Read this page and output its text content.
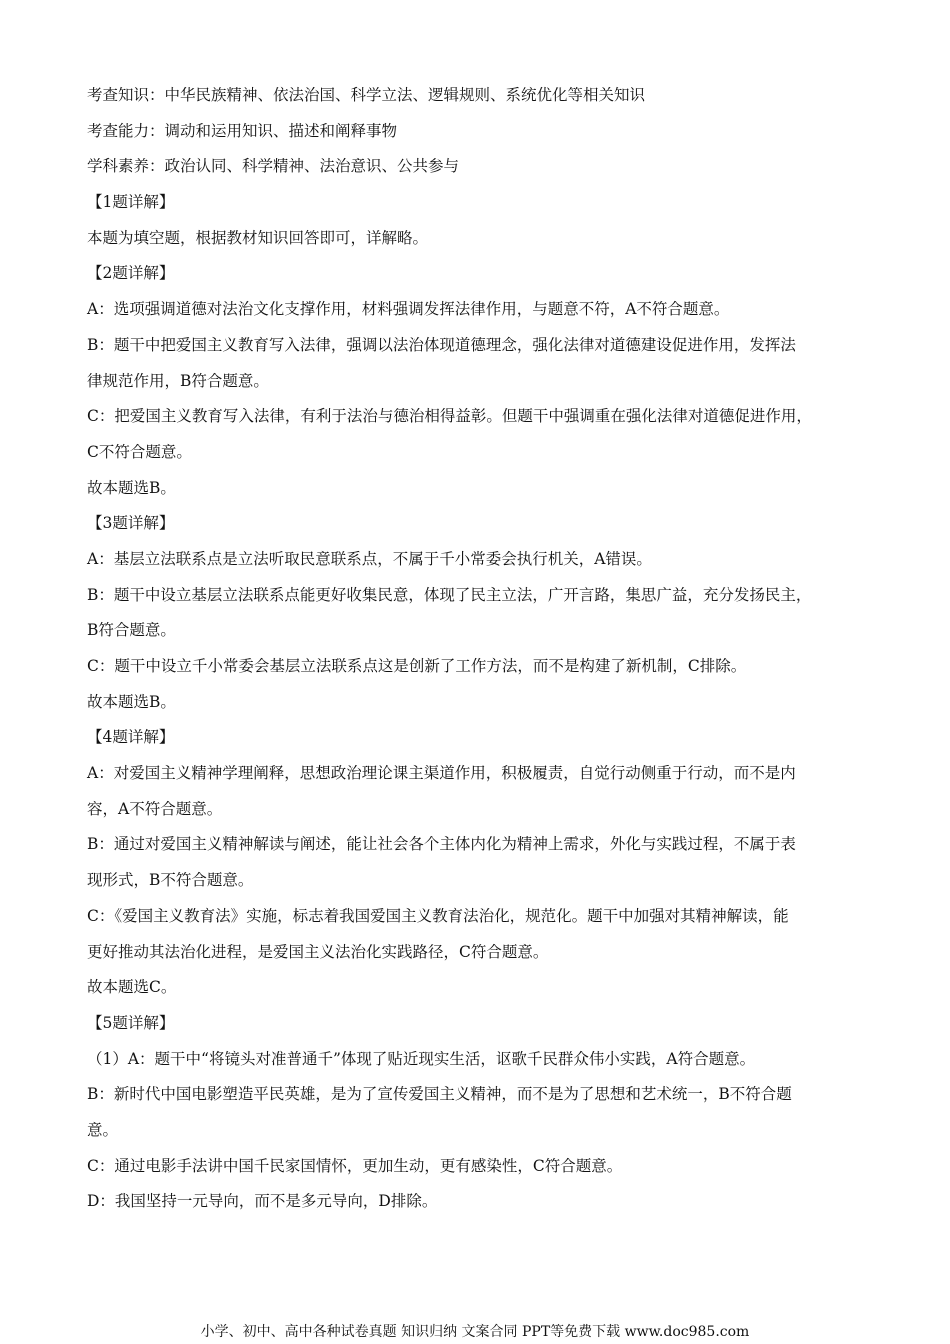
考查知识：中华民族精神、依法治国、科学立法、逻辑规则、系统优化等相关知识
考查能力：调动和运用知识、描述和阐释事物
学科素养：政治认同、科学精神、法治意识、公共参与
【1题详解】
本题为填空题，根据教材知识回答即可，详解略。
【2题详解】
A：选项强调道德对法治文化支撑作用，材料强调发挥法律作用，与题意不符，A不符合题意。
B：题干中把爱国主义教育写入法律，强调以法治体现道德理念，强化法律对道德建设促进作用，发挥法
律规范作用，B符合题意。
C：把爱国主义教育写入法律，有利于法治与德治相得益彰。但题干中强调重在强化法律对道德促进作用，
C不符合题意。
故本题选B。
【3题详解】
A：基层立法联系点是立法听取民意联系点，不属于千小常委会执行机关，A错误。
B：题干中设立基层立法联系点能更好收集民意，体现了民主立法，广开言路，集思广益，充分发扬民主，
B符合题意。
C：题干中设立千小常委会基层立法联系点这是创新了工作方法，而不是构建了新机制，C排除。
故本题选B。
【4题详解】
A：对爱国主义精神学理阐释，思想政治理论课主渠道作用，积极履责，自觉行动侧重于行动，而不是内
容，A不符合题意。
B：通过对爱国主义精神解读与阐述，能让社会各个主体内化为精神上需求，外化与实践过程，不属于表
现形式，B不符合题意。
C：《爱国主义教育法》实施，标志着我国爱国主义教育法治化，规范化。题干中加强对其精神解读，能
更好推动其法治化进程，是爱国主义法治化实践路径，C符合题意。
故本题选C。
【5题详解】
（1）A：题干中“将镜头对准普通千”体现了贴近现实生活，讴歌千民群众伟小实践，A符合题意。
B：新时代中国电影塑造平民英雄，是为了宣传爱国主义精神，而不是为了思想和艺术统一，B不符合题
意。
C：通过电影手法讲中国千民家国情怀，更加生动，更有感染性，C符合题意。
D：我国坚持一元导向，而不是多元导向，D排除。
小学、初中、高中各种试卷真题 知识归纳 文案合同 PPT等免费下载 www.doc985.com
